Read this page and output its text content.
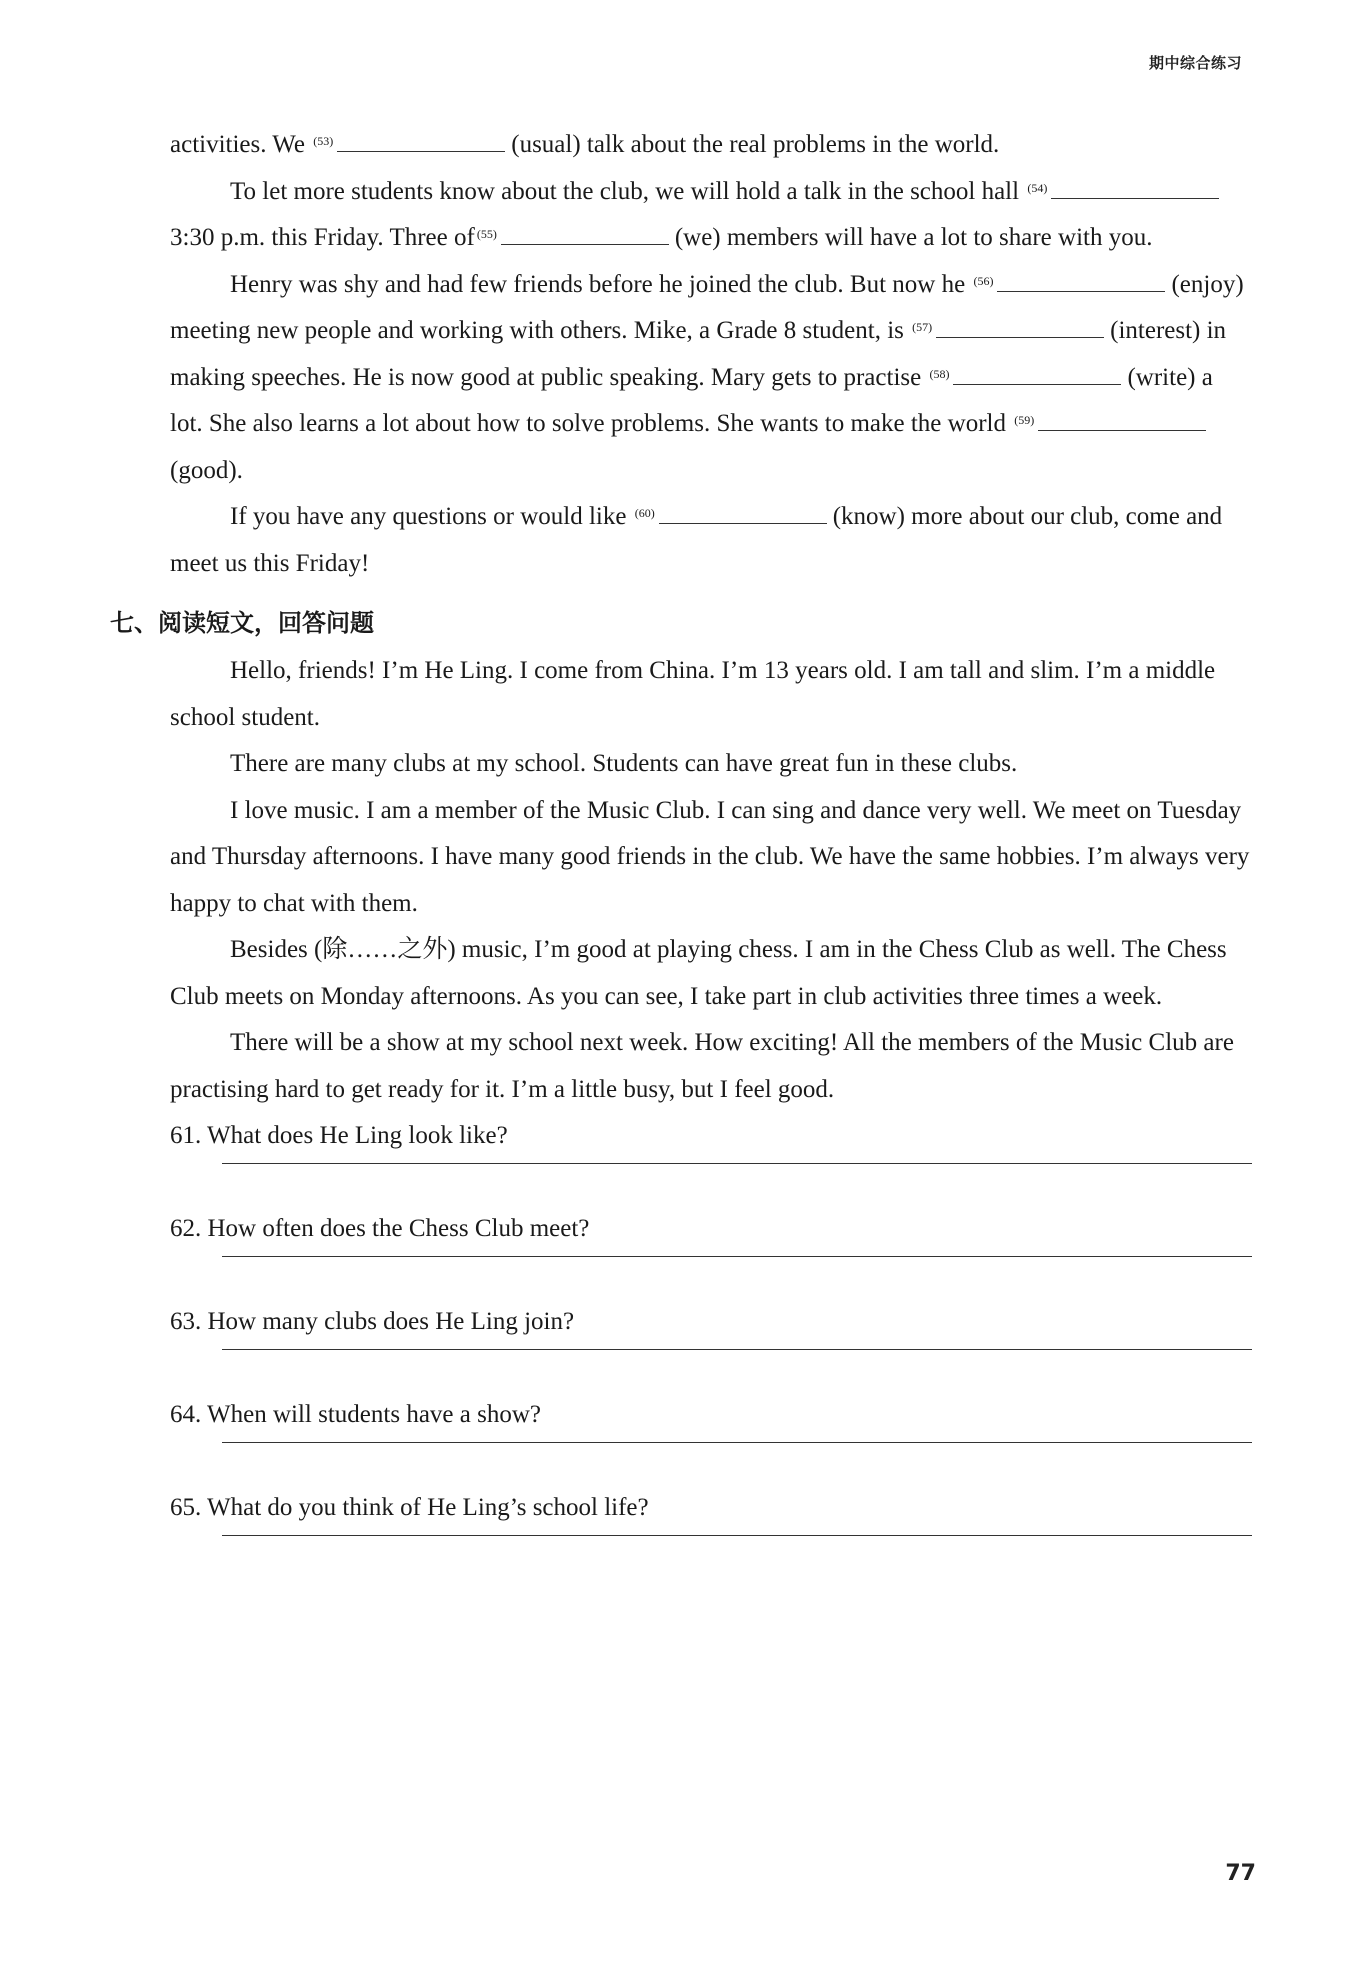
期中综合练习

activities. We $^{(53)}$	(usual) talk about the real problems in the world.

To let more students know about the club, we will hold a talk in the school hall $^{(54)}$3:30 p.m. this Friday. Three of $^{(55)}$	(we) members will have a lot to share with you.

Henry was shy and had few friends before he joined the club. But now he $^{(56)}$	(enjoy) meeting new people and working with others. Mike, a Grade 8 student, is $^{(57)}$	(interest) in making speeches. He is now good at public speaking. Mary gets to practise $^{(58)}$	(write) a lot. She also learns a lot about how to solve problems. She wants to make the world $^{(59)}$(good).

If you have any questions or would like $^{(60)}$	(know) more about our club, come and meet us this Friday!

七、阅读短文，回答问题

Hello, friends! I’m He Ling. I come from China. I’m 13 years old. I am tall and slim. I’m a middle school student.

There are many clubs at my school. Students can have great fun in these clubs.

I love music. I am a member of the Music Club. I can sing and dance very well. We meet on Tuesday and Thursday afternoons. I have many good friends in the club. We have the same hobbies. I’m always very happy to chat with them.

Besides (除……之外) music, I’m good at playing chess. I am in the Chess Club as well. The Chess Club meets on Monday afternoons. As you can see, I take part in club activities three times a week.

There will be a show at my school next week. How exciting! All the members of the Music Club are practising hard to get ready for it. I’m a little busy, but I feel good.

61. What does He Ling look like?

62. How often does the Chess Club meet?

63. How many clubs does He Ling join?

64. When will students have a show?

65. What do you think of He Ling’s school life?

77
